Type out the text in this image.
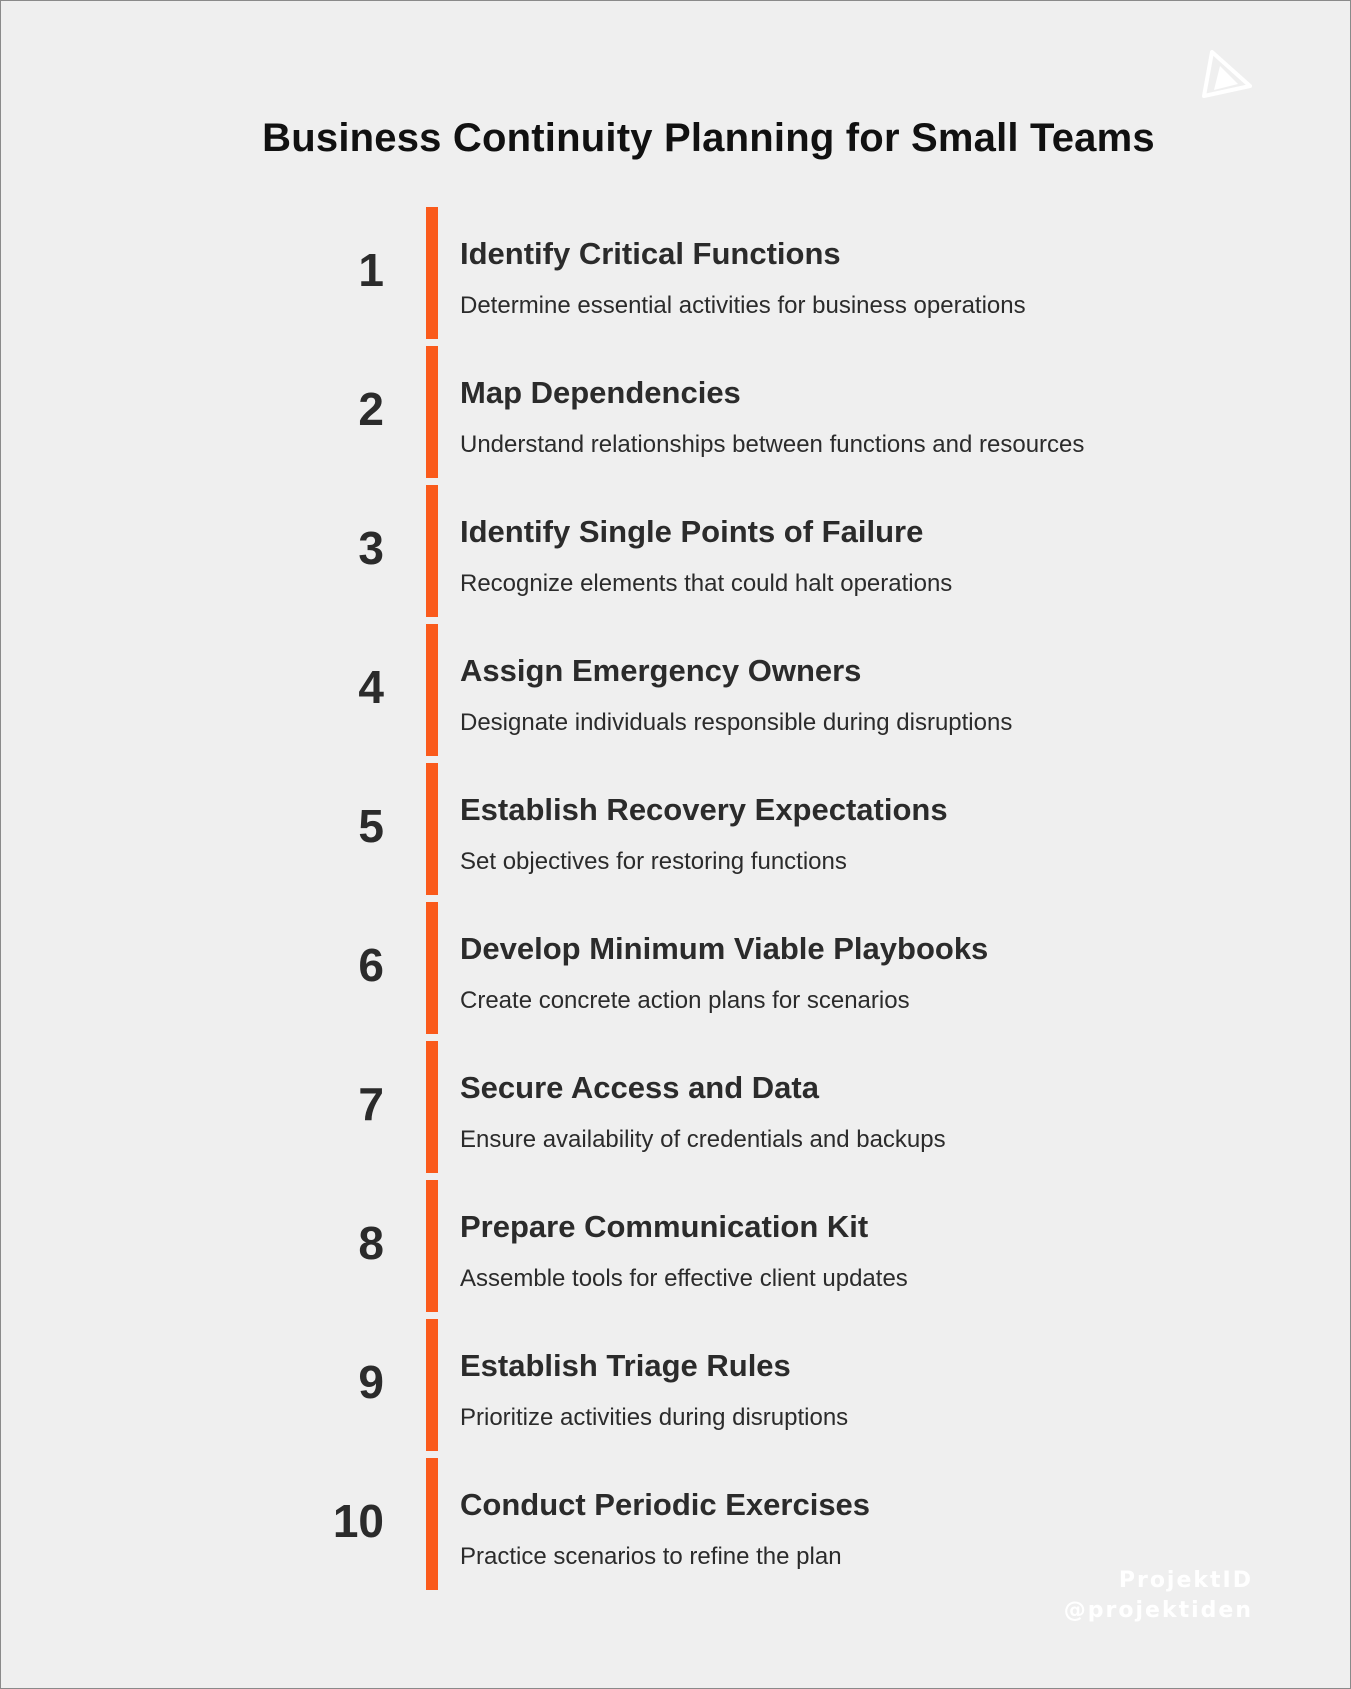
Business Continuity Planning for Small Teams
1 Identify Critical Functions
Determine essential activities for business operations
2 Map Dependencies
Understand relationships between functions and resources
3 Identify Single Points of Failure
Recognize elements that could halt operations
4 Assign Emergency Owners
Designate individuals responsible during disruptions
5 Establish Recovery Expectations
Set objectives for restoring functions
6 Develop Minimum Viable Playbooks
Create concrete action plans for scenarios
7 Secure Access and Data
Ensure availability of credentials and backups
8 Prepare Communication Kit
Assemble tools for effective client updates
9 Establish Triage Rules
Prioritize activities during disruptions
10 Conduct Periodic Exercises
Practice scenarios to refine the plan
ProjektID
@projektiden
